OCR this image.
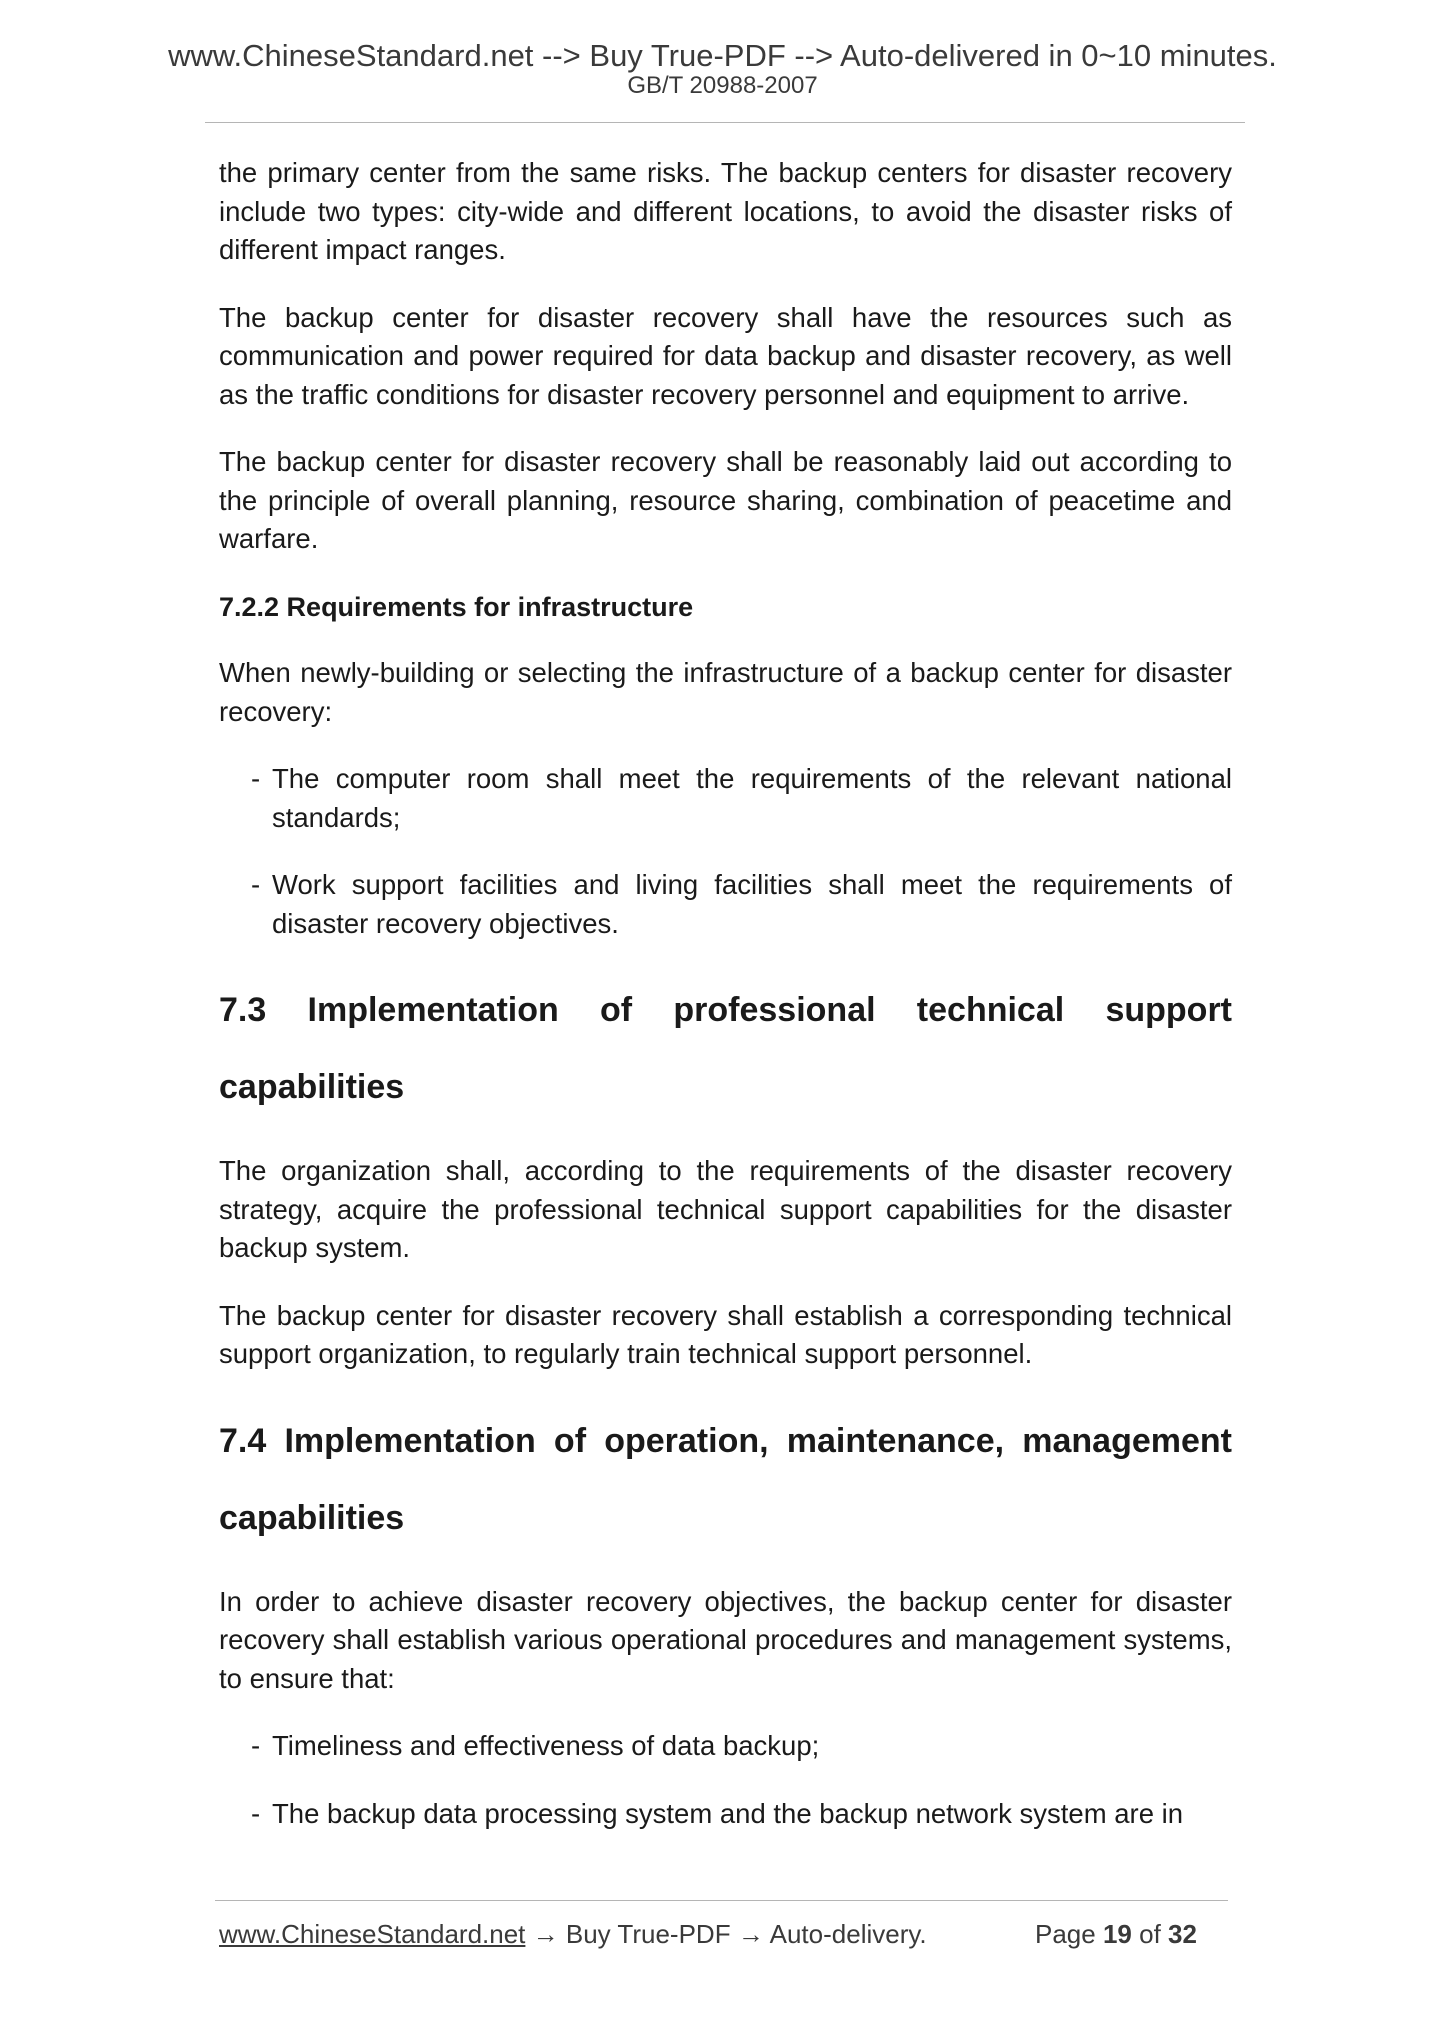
www.ChineseStandard.net --> Buy True-PDF --> Auto-delivered in 0~10 minutes.
GB/T 20988-2007

the primary center from the same risks. The backup centers for disaster recovery include two types: city-wide and different locations, to avoid the disaster risks of different impact ranges.

The backup center for disaster recovery shall have the resources such as communication and power required for data backup and disaster recovery, as well as the traffic conditions for disaster recovery personnel and equipment to arrive.

The backup center for disaster recovery shall be reasonably laid out according to the principle of overall planning, resource sharing, combination of peacetime and warfare.

7.2.2 Requirements for infrastructure

When newly-building or selecting the infrastructure of a backup center for disaster recovery:

- The computer room shall meet the requirements of the relevant national standards;
- Work support facilities and living facilities shall meet the requirements of disaster recovery objectives.
7.3 Implementation of professional technical support
capabilities

The organization shall, according to the requirements of the disaster recovery strategy, acquire the professional technical support capabilities for the disaster backup system.

The backup center for disaster recovery shall establish a corresponding technical support organization, to regularly train technical support personnel.

7.4 Implementation of operation, maintenance, management
capabilities

In order to achieve disaster recovery objectives, the backup center for disaster recovery shall establish various operational procedures and management systems, to ensure that:

- Timeliness and effectiveness of data backup;
- The backup data processing system and the backup network system are in
www.ChineseStandard.net → Buy True-PDF → Auto-delivery.	Page 19 of 32
